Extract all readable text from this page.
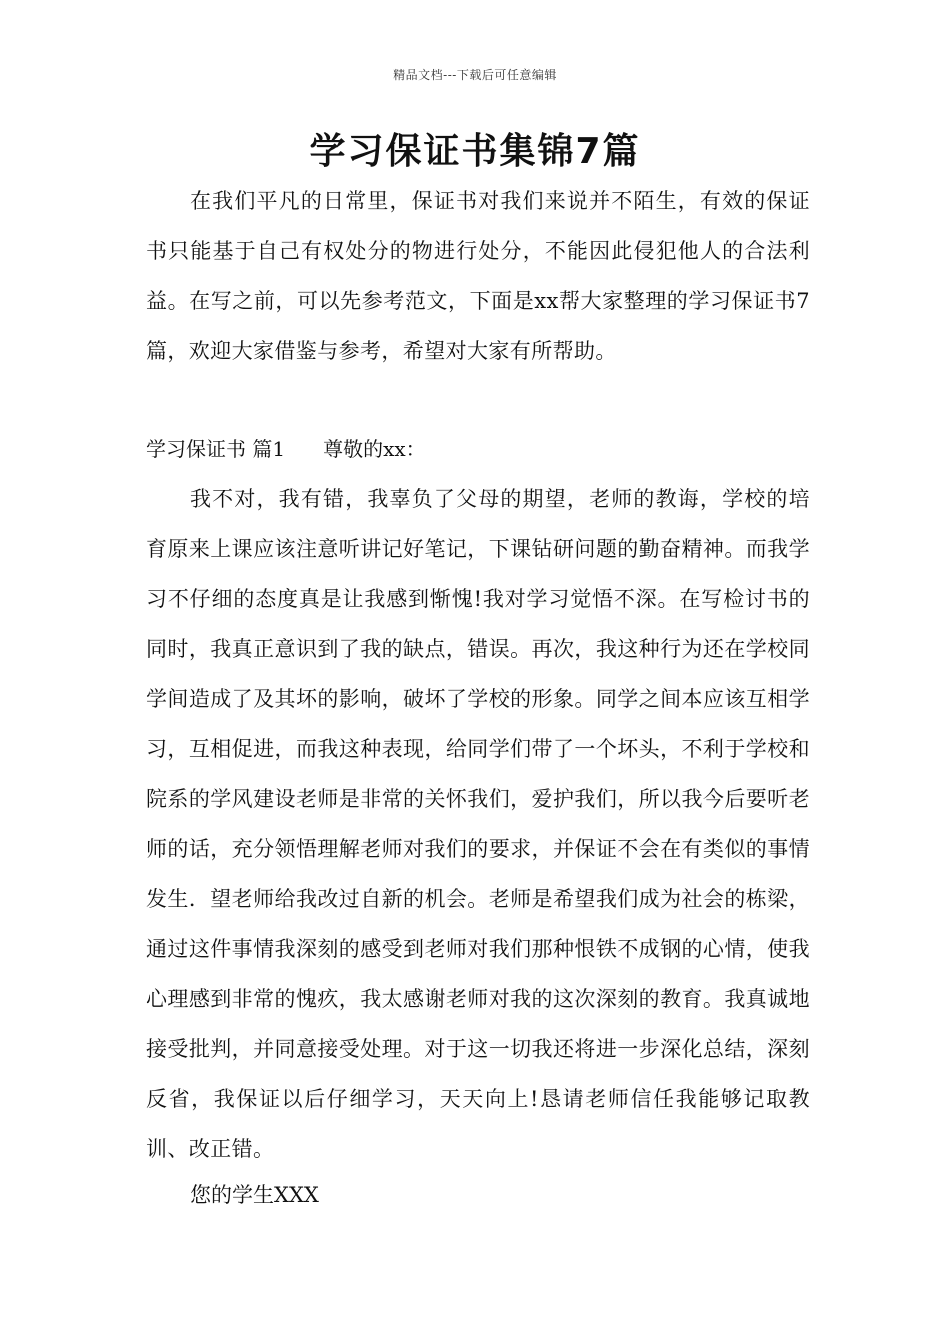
精品文档---下载后可任意编辑
学习保证书集锦7篇
在我们平凡的日常里，保证书对我们来说并不陌生，有效的保证书只能基于自己有权处分的物进行处分，不能因此侵犯他人的合法利益。在写之前，可以先参考范文，下面是xx帮大家整理的学习保证书7篇，欢迎大家借鉴与参考，希望对大家有所帮助。
学习保证书 篇1 尊敬的xx：
我不对，我有错，我辜负了父母的期望，老师的教诲，学校的培育原来上课应该注意听讲记好笔记，下课钻研问题的勤奋精神。而我学习不仔细的态度真是让我感到惭愧!我对学习觉悟不深。在写检讨书的同时，我真正意识到了我的缺点，错误。再次，我这种行为还在学校同学间造成了及其坏的影响，破坏了学校的形象。同学之间本应该互相学习，互相促进，而我这种表现，给同学们带了一个坏头，不利于学校和院系的学风建设老师是非常的关怀我们，爱护我们，所以我今后要听老师的话，充分领悟理解老师对我们的要求，并保证不会在有类似的事情发生．望老师给我改过自新的机会。老师是希望我们成为社会的栋梁，通过这件事情我深刻的感受到老师对我们那种恨铁不成钢的心情，使我心理感到非常的愧疚，我太感谢老师对我的这次深刻的教育。我真诚地接受批判，并同意接受处理。对于这一切我还将进一步深化总结，深刻反省，我保证以后仔细学习，天天向上!恳请老师信任我能够记取教训、改正错。
您的学生XXX
